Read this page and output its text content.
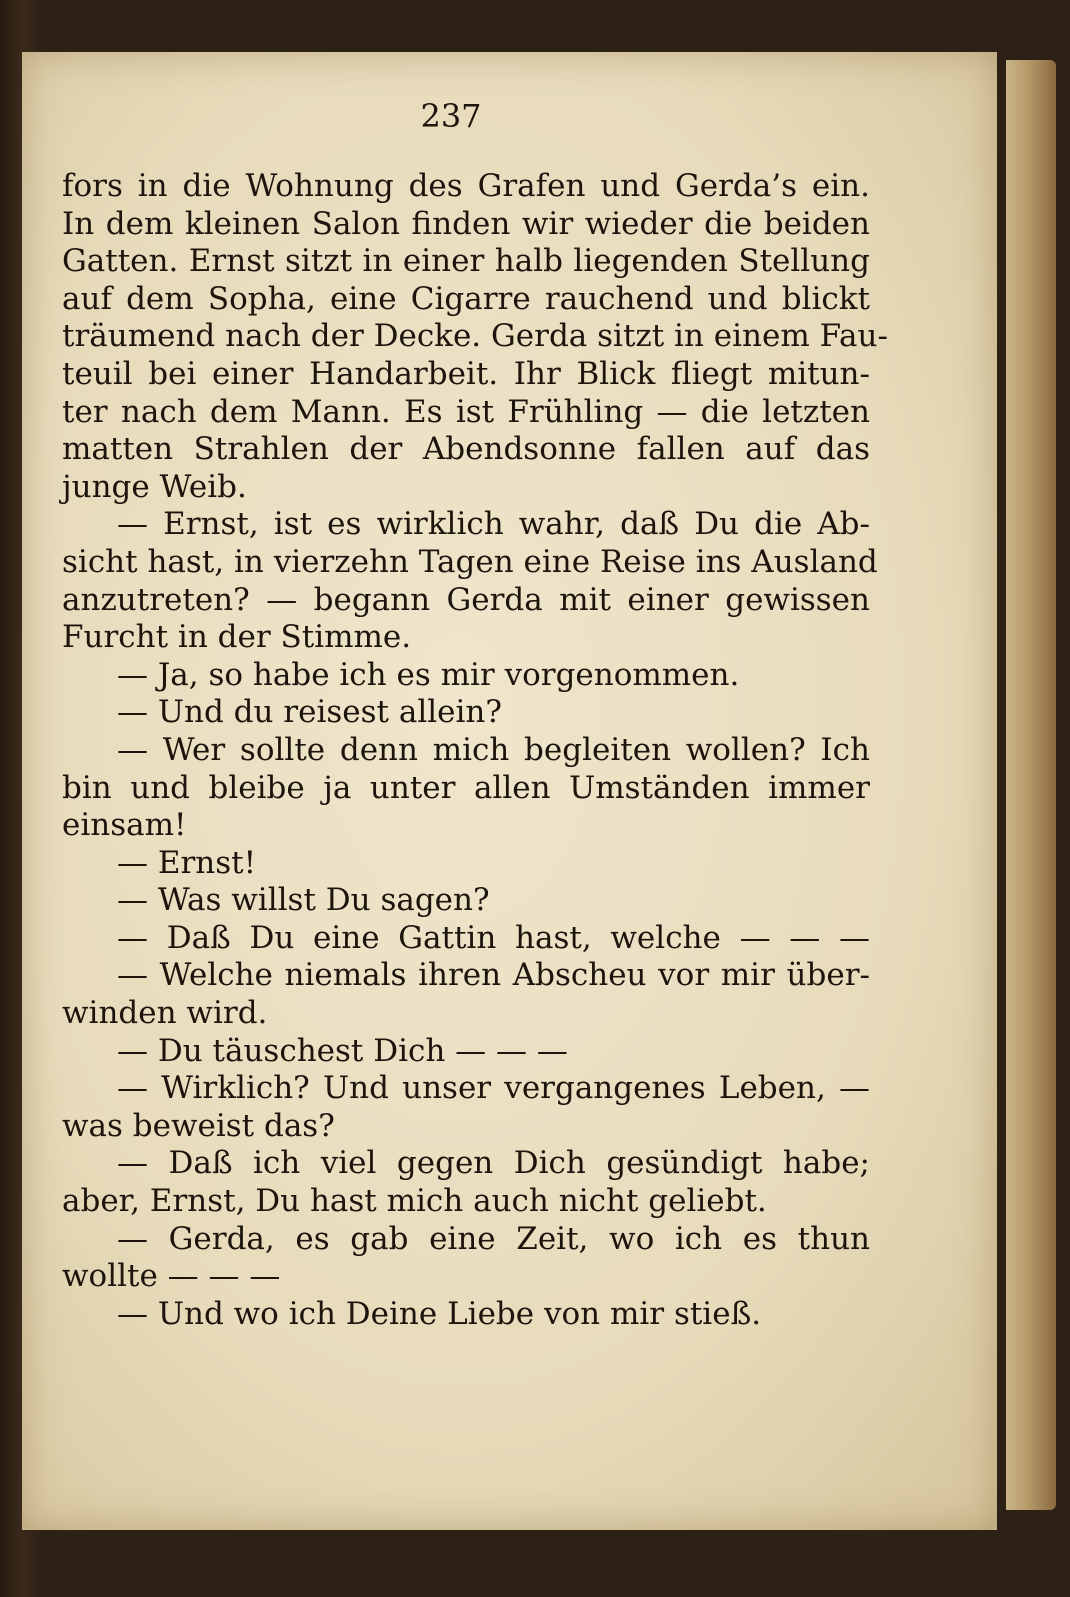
237
fors in die Wohnung des Grafen und Gerda’s ein.
In dem kleinen Salon finden wir wieder die beiden
Gatten. Ernst sitzt in einer halb liegenden Stellung
auf dem Sopha, eine Cigarre rauchend und blickt
träumend nach der Decke. Gerda sitzt in einem Fau-
teuil bei einer Handarbeit. Ihr Blick fliegt mitun-
ter nach dem Mann. Es ist Frühling — die letzten
matten Strahlen der Abendsonne fallen auf das
junge Weib.
— Ernst, ist es wirklich wahr, daß Du die Ab-
sicht hast, in vierzehn Tagen eine Reise ins Ausland
anzutreten? — begann Gerda mit einer gewissen
Furcht in der Stimme.
— Ja, so habe ich es mir vorgenommen.
— Und du reisest allein?
— Wer sollte denn mich begleiten wollen? Ich
bin und bleibe ja unter allen Umständen immer
einsam!
— Ernst!
— Was willst Du sagen?
— Daß Du eine Gattin hast, welche — — —
— Welche niemals ihren Abscheu vor mir über-
winden wird.
— Du täuschest Dich — — —
— Wirklich? Und unser vergangenes Leben, —
was beweist das?
— Daß ich viel gegen Dich gesündigt habe;
aber, Ernst, Du hast mich auch nicht geliebt.
— Gerda, es gab eine Zeit, wo ich es thun
wollte — — —
— Und wo ich Deine Liebe von mir stieß.
